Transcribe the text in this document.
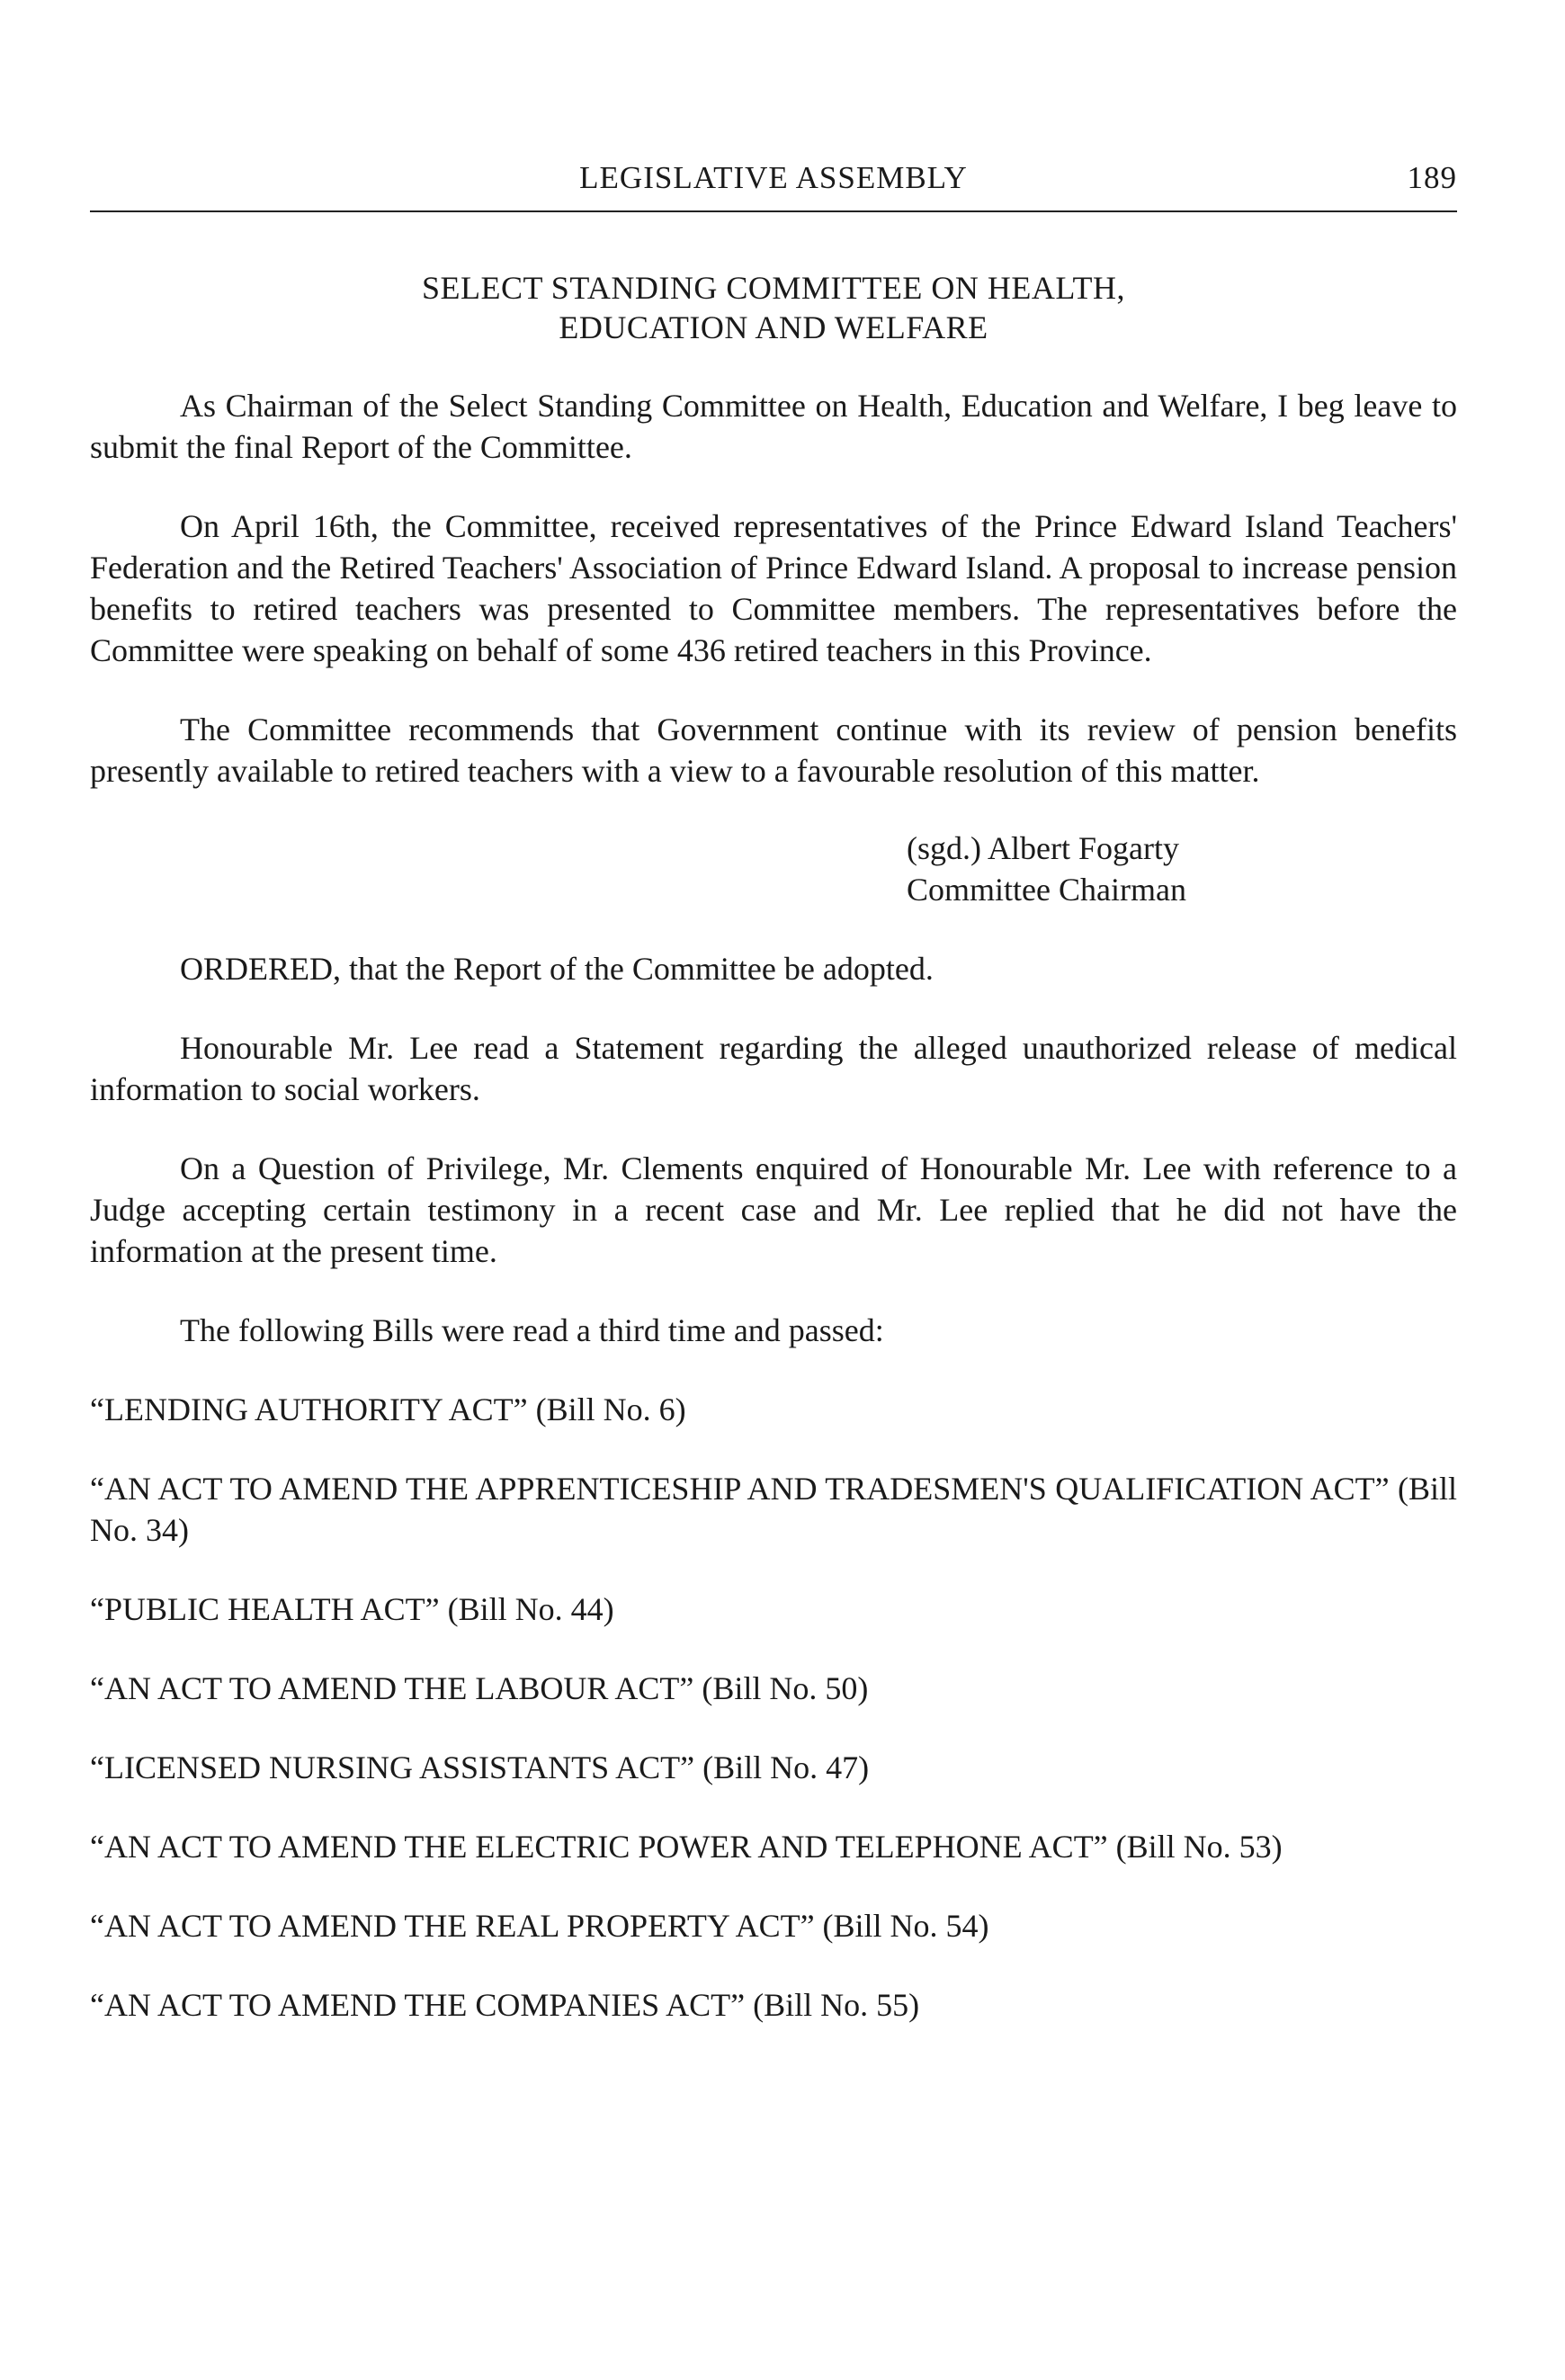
LEGISLATIVE ASSEMBLY	189
SELECT STANDING COMMITTEE ON HEALTH,
EDUCATION AND WELFARE

As Chairman of the Select Standing Committee on Health, Education and Welfare, I beg leave to submit the final Report of the Committee.

On April 16th, the Committee, received representatives of the Prince Edward Island Teachers' Federation and the Retired Teachers' Association of Prince Edward Island. A proposal to increase pension benefits to retired teachers was presented to Committee members. The representatives before the Committee were speaking on behalf of some 436 retired teachers in this Province.

The Committee recommends that Government continue with its review of pension benefits presently available to retired teachers with a view to a favourable resolution of this matter.

(sgd.) Albert Fogarty
Committee Chairman

ORDERED, that the Report of the Committee be adopted.

Honourable Mr. Lee read a Statement regarding the alleged unauthorized release of medical information to social workers.

On a Question of Privilege, Mr. Clements enquired of Honourable Mr. Lee with reference to a Judge accepting certain testimony in a recent case and Mr. Lee replied that he did not have the information at the present time.

The following Bills were read a third time and passed:

“LENDING AUTHORITY ACT” (Bill No. 6)

“AN ACT TO AMEND THE APPRENTICESHIP AND TRADESMEN'S QUALIFICATION ACT” (Bill No. 34)

“PUBLIC HEALTH ACT” (Bill No. 44)

“AN ACT TO AMEND THE LABOUR ACT” (Bill No. 50)

“LICENSED NURSING ASSISTANTS ACT” (Bill No. 47)

“AN ACT TO AMEND THE ELECTRIC POWER AND TELEPHONE ACT” (Bill No. 53)

“AN ACT TO AMEND THE REAL PROPERTY ACT” (Bill No. 54)

“AN ACT TO AMEND THE COMPANIES ACT” (Bill No. 55)
